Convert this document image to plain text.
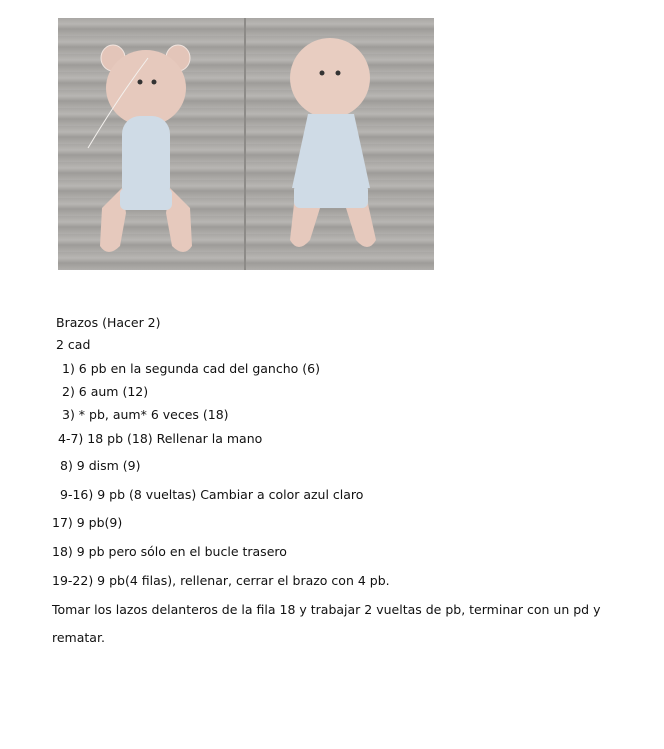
Brazos (Hacer 2)
2 cad
1) 6 pb en la segunda cad del gancho (6)
2) 6 aum (12)
3) * pb, aum* 6 veces (18)
4-7) 18 pb (18) Rellenar la mano
8) 9 dism (9)
9-16) 9 pb (8 vueltas) Cambiar a color azul claro
17) 9 pb(9)
18) 9 pb pero sólo en el bucle trasero
19-22) 9 pb(4 filas), rellenar, cerrar el brazo con 4 pb.
Tomar los lazos delanteros de la fila 18 y trabajar 2 vueltas de pb, terminar con un pd y
rematar.
